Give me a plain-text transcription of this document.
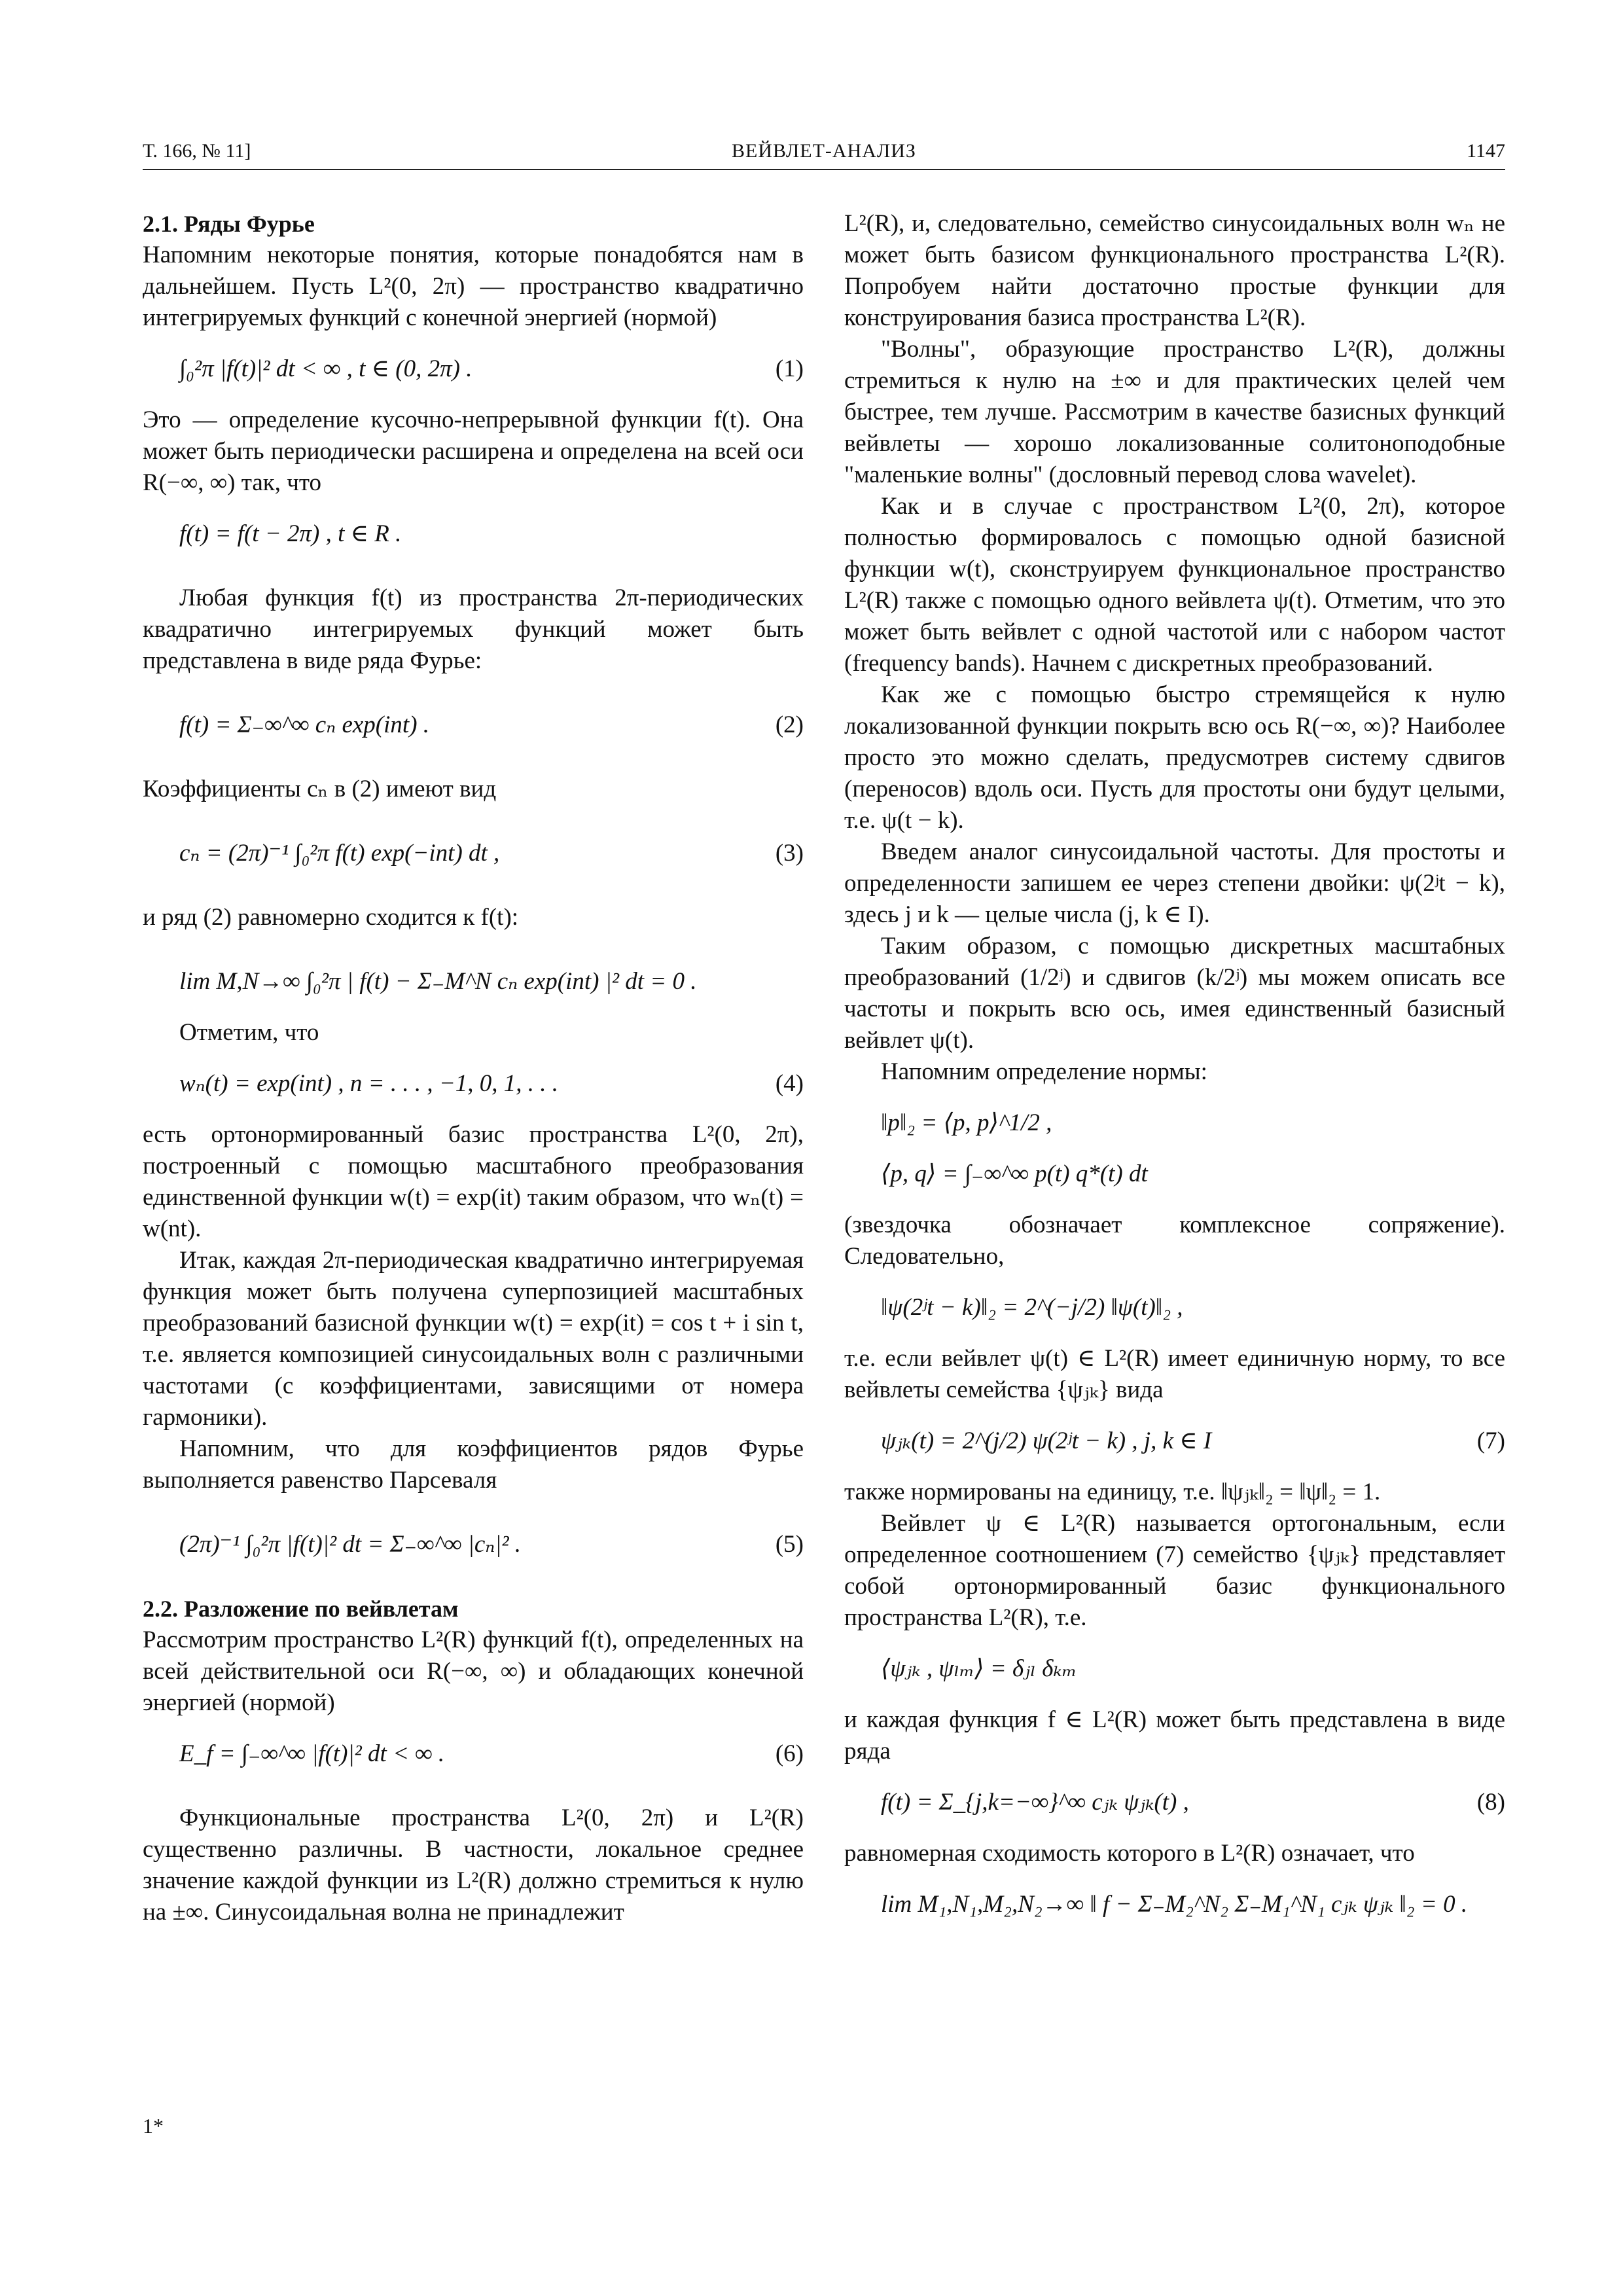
Т. 166, № 11]	ВЕЙВЛЕТ-АНАЛИЗ	1147

2.1. Ряды Фурье

Напомним некоторые понятия, которые понадобятся нам в дальнейшем. Пусть L²(0, 2π) — пространство квадратично интегрируемых функций с конечной энергией (нормой)

∫₀²π |f(t)|² dt < ∞ , t ∈ (0, 2π) .	(1)

Это — определение кусочно-непрерывной функции f(t). Она может быть периодически расширена и определена на всей оси R(−∞, ∞) так, что

f(t) = f(t − 2π) , t ∈ R .

Любая функция f(t) из пространства 2π-периодических квадратично интегрируемых функций может быть представлена в виде ряда Фурье:

f(t) = Σ₋∞^∞ cₙ exp(int) .	(2)

Коэффициенты cₙ в (2) имеют вид

cₙ = (2π)⁻¹ ∫₀²π f(t) exp(−int) dt ,	(3)

и ряд (2) равномерно сходится к f(t):

lim M,N→∞ ∫₀²π | f(t) − Σ₋M^N cₙ exp(int) |² dt = 0 .

Отметим, что

wₙ(t) = exp(int) , n = . . . , −1, 0, 1, . . .	(4)

есть ортонормированный базис пространства L²(0, 2π), построенный с помощью масштабного преобразования единственной функции w(t) = exp(it) таким образом, что wₙ(t) = w(nt).

Итак, каждая 2π-периодическая квадратично интегрируемая функция может быть получена суперпозицией масштабных преобразований базисной функции w(t) = exp(it) = cos t + i sin t, т.е. является композицией синусоидальных волн с различными частотами (с коэффициентами, зависящими от номера гармоники).

Напомним, что для коэффициентов рядов Фурье выполняется равенство Парсеваля

(2π)⁻¹ ∫₀²π |f(t)|² dt = Σ₋∞^∞ |cₙ|² .	(5)

2.2. Разложение по вейвлетам

Рассмотрим пространство L²(R) функций f(t), определенных на всей действительной оси R(−∞, ∞) и обладающих конечной энергией (нормой)

E_f = ∫₋∞^∞ |f(t)|² dt < ∞ .	(6)

Функциональные пространства L²(0, 2π) и L²(R) существенно различны. В частности, локальное среднее значение каждой функции из L²(R) должно стремиться к нулю на ±∞. Синусоидальная волна не принадлежит

L²(R), и, следовательно, семейство синусоидальных волн wₙ не может быть базисом функционального пространства L²(R). Попробуем найти достаточно простые функции для конструирования базиса пространства L²(R).

"Волны", образующие пространство L²(R), должны стремиться к нулю на ±∞ и для практических целей чем быстрее, тем лучше. Рассмотрим в качестве базисных функций вейвлеты — хорошо локализованные солитоноподобные "маленькие волны" (дословный перевод слова wavelet).

Как и в случае с пространством L²(0, 2π), которое полностью формировалось с помощью одной базисной функции w(t), сконструируем функциональное пространство L²(R) также с помощью одного вейвлета ψ(t). Отметим, что это может быть вейвлет с одной частотой или с набором частот (frequency bands). Начнем с дискретных преобразований.

Как же с помощью быстро стремящейся к нулю локализованной функции покрыть всю ось R(−∞, ∞)? Наиболее просто это можно сделать, предусмотрев систему сдвигов (переносов) вдоль оси. Пусть для простоты они будут целыми, т.е. ψ(t − k).

Введем аналог синусоидальной частоты. Для простоты и определенности запишем ее через степени двойки: ψ(2ʲt − k), здесь j и k — целые числа (j, k ∈ I).

Таким образом, с помощью дискретных масштабных преобразований (1/2ʲ) и сдвигов (k/2ʲ) мы можем описать все частоты и покрыть всю ось, имея единственный базисный вейвлет ψ(t).

Напомним определение нормы:

‖p‖₂ = ⟨p, p⟩^1/2 ,
⟨p, q⟩ = ∫₋∞^∞ p(t) q*(t) dt

(звездочка обозначает комплексное сопряжение). Следовательно,

‖ψ(2ʲt − k)‖₂ = 2^(−j/2) ‖ψ(t)‖₂ ,

т.е. если вейвлет ψ(t) ∈ L²(R) имеет единичную норму, то все вейвлеты семейства {ψⱼₖ} вида

ψⱼₖ(t) = 2^(j/2) ψ(2ʲt − k) , j, k ∈ I	(7)

также нормированы на единицу, т.е. ‖ψⱼₖ‖₂ = ‖ψ‖₂ = 1.

Вейвлет ψ ∈ L²(R) называется ортогональным, если определенное соотношением (7) семейство {ψⱼₖ} представляет собой ортонормированный базис функционального пространства L²(R), т.е.

⟨ψⱼₖ , ψₗₘ⟩ = δⱼₗ δₖₘ

и каждая функция f ∈ L²(R) может быть представлена в виде ряда

f(t) = Σ_{j,k=−∞}^∞ cⱼₖ ψⱼₖ(t) ,	(8)

равномерная сходимость которого в L²(R) означает, что

lim M₁,N₁,M₂,N₂→∞ ‖ f − Σ₋M₂^N₂ Σ₋M₁^N₁ cⱼₖ ψⱼₖ ‖₂ = 0 .
1*
